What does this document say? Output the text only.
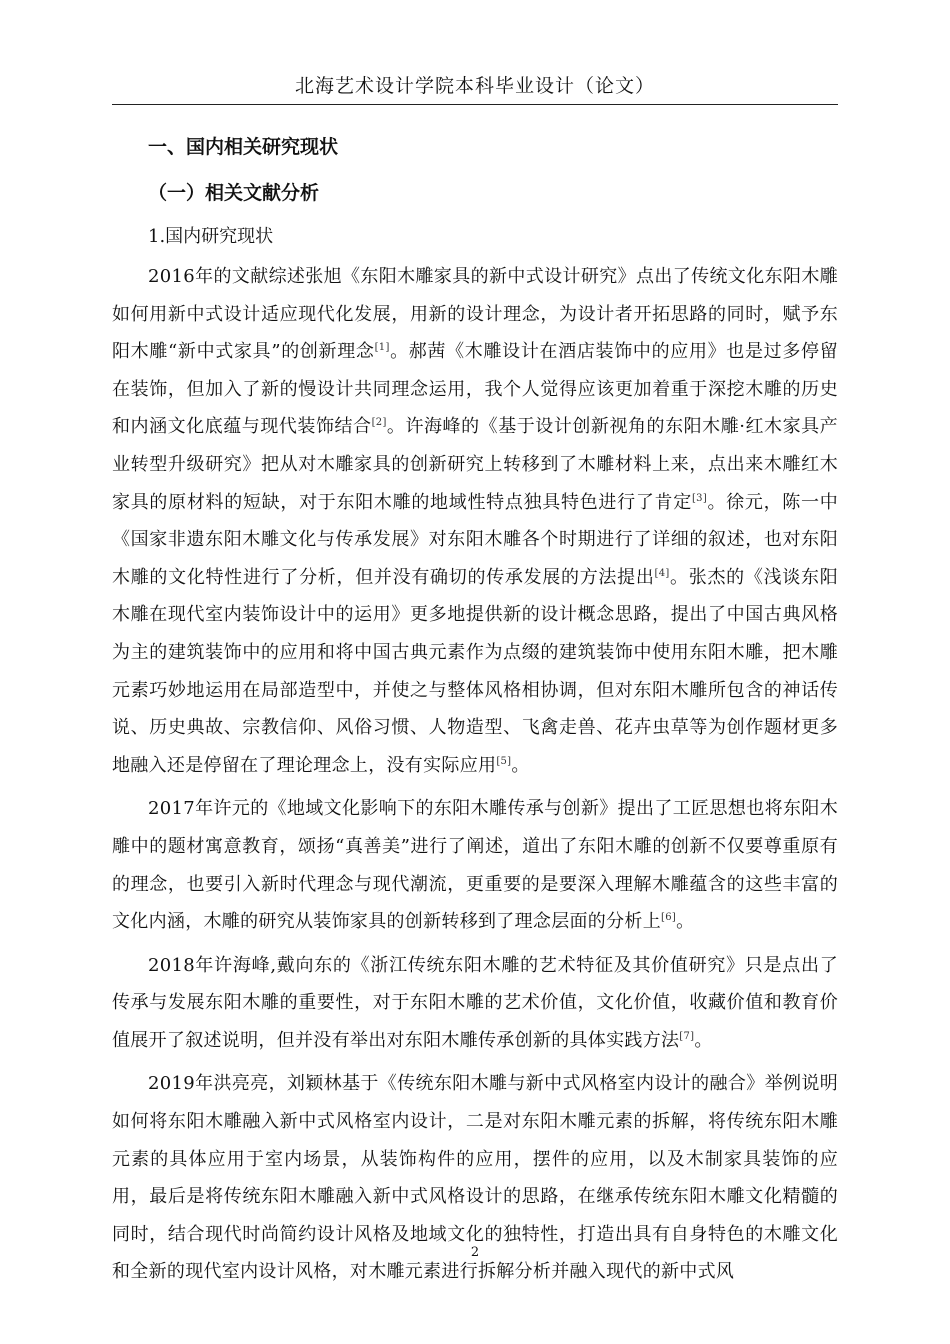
北海艺术设计学院本科毕业设计（论文）
一、国内相关研究现状
（一）相关文献分析
1.国内研究现状

2016年的文献综述张旭《东阳木雕家具的新中式设计研究》点出了传统文化东阳木雕如何用新中式设计适应现代化发展，用新的设计理念，为设计者开拓思路的同时，赋予东阳木雕“新中式家具”的创新理念[1]。郝茜《木雕设计在酒店装饰中的应用》也是过多停留在装饰，但加入了新的慢设计共同理念运用，我个人觉得应该更加着重于深挖木雕的历史和内涵文化底蕴与现代装饰结合[2]。许海峰的《基于设计创新视角的东阳木雕·红木家具产业转型升级研究》把从对木雕家具的创新研究上转移到了木雕材料上来，点出来木雕红木家具的原材料的短缺，对于东阳木雕的地域性特点独具特色进行了肯定[3]。徐元，陈一中《国家非遗东阳木雕文化与传承发展》对东阳木雕各个时期进行了详细的叙述，也对东阳木雕的文化特性进行了分析，但并没有确切的传承发展的方法提出[4]。张杰的《浅谈东阳木雕在现代室内装饰设计中的运用》更多地提供新的设计概念思路，提出了中国古典风格为主的建筑装饰中的应用和将中国古典元素作为点缀的建筑装饰中使用东阳木雕，把木雕元素巧妙地运用在局部造型中，并使之与整体风格相协调，但对东阳木雕所包含的神话传说、历史典故、宗教信仰、风俗习惯、人物造型、飞禽走兽、花卉虫草等为创作题材更多地融入还是停留在了理论理念上，没有实际应用[5]。

2017年许元的《地域文化影响下的东阳木雕传承与创新》提出了工匠思想也将东阳木雕中的题材寓意教育，颂扬“真善美”进行了阐述，道出了东阳木雕的创新不仅要尊重原有的理念，也要引入新时代理念与现代潮流，更重要的是要深入理解木雕蕴含的这些丰富的文化内涵，木雕的研究从装饰家具的创新转移到了理念层面的分析上[6]。

2018年许海峰,戴向东的《浙江传统东阳木雕的艺术特征及其价值研究》只是点出了传承与发展东阳木雕的重要性，对于东阳木雕的艺术价值，文化价值，收藏价值和教育价值展开了叙述说明，但并没有举出对东阳木雕传承创新的具体实践方法[7]。

2019年洪亮亮，刘颖林基于《传统东阳木雕与新中式风格室内设计的融合》举例说明如何将东阳木雕融入新中式风格室内设计，二是对东阳木雕元素的拆解，将传统东阳木雕元素的具体应用于室内场景，从装饰构件的应用，摆件的应用，以及木制家具装饰的应用，最后是将传统东阳木雕融入新中式风格设计的思路，在继承传统东阳木雕文化精髓的同时，结合现代时尚简约设计风格及地域文化的独特性，打造出具有自身特色的木雕文化和全新的现代室内设计风格，对木雕元素进行拆解分析并融入现代的新中式风

2
